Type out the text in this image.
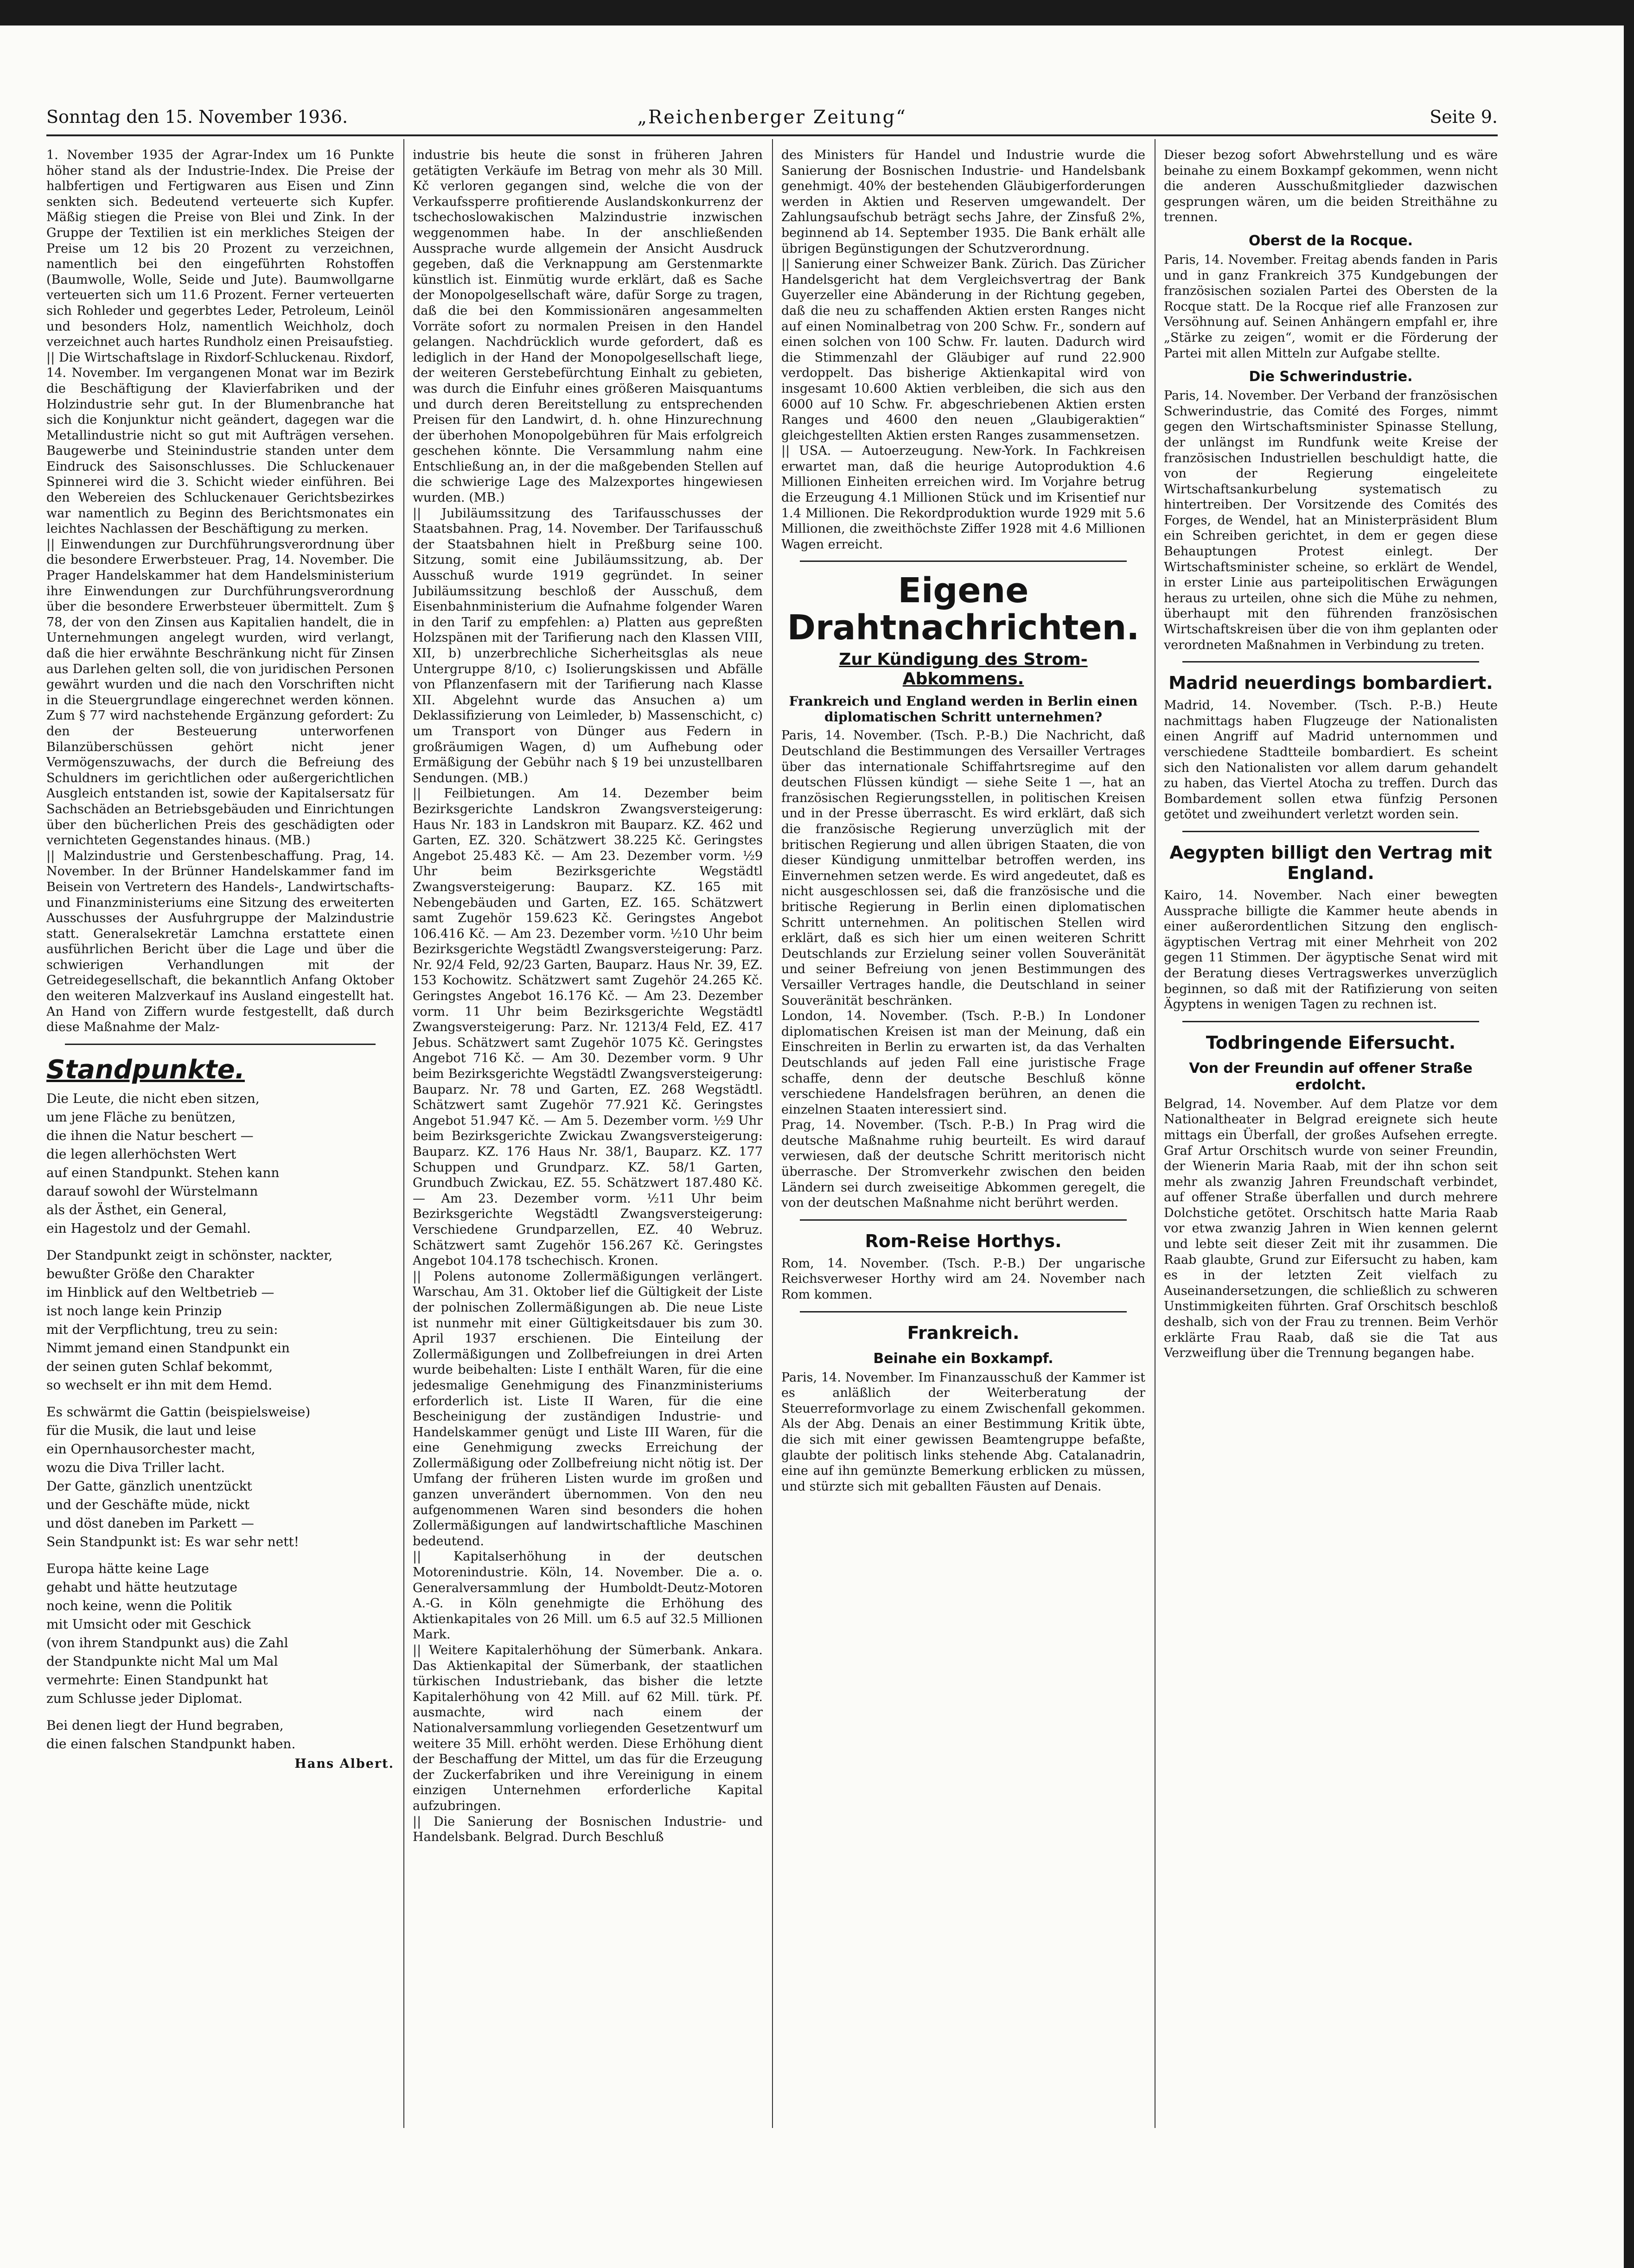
Sonntag den 15. November 1936.	„Reichenberger Zeitung“	Seite 9.

1. November 1935 der Agrar-Index um 16 Punkte höher stand als der Industrie-Index. Die Preise der halbfertigen und Fertigwaren aus Eisen und Zinn senkten sich. Bedeutend verteuerte sich Kupfer. Mäßig stiegen die Preise von Blei und Zink. In der Gruppe der Textilien ist ein merkliches Steigen der Preise um 12 bis 20 Prozent zu verzeichnen, namentlich bei den eingeführten Rohstoffen (Baumwolle, Wolle, Seide und Jute). Baumwollgarne verteuerten sich um 11.6 Prozent. Ferner verteuerten sich Rohleder und gegerbtes Leder, Petroleum, Leinöl und besonders Holz, namentlich Weichholz, doch verzeichnet auch hartes Rundholz einen Preisaufstieg.

|| Die Wirtschaftslage in Rixdorf-Schluckenau. Rixdorf, 14. November. Im vergangenen Monat war im Bezirk die Beschäftigung der Klavierfabriken und der Holzindustrie sehr gut. In der Blumenbranche hat sich die Konjunktur nicht geändert, dagegen war die Metallindustrie nicht so gut mit Aufträgen versehen. Baugewerbe und Steinindustrie standen unter dem Eindruck des Saisonschlusses. Die Schluckenauer Spinnerei wird die 3. Schicht wieder einführen. Bei den Webereien des Schluckenauer Gerichtsbezirkes war namentlich zu Beginn des Berichtsmonates ein leichtes Nachlassen der Beschäftigung zu merken.

|| Einwendungen zur Durchführungsverordnung über die besondere Erwerbsteuer. Prag, 14. November. Die Prager Handelskammer hat dem Handelsministerium ihre Einwendungen zur Durchführungsverordnung über die besondere Erwerbsteuer übermittelt. Zum § 78, der von den Zinsen aus Kapitalien handelt, die in Unternehmungen angelegt wurden, wird verlangt, daß die hier erwähnte Beschränkung nicht für Zinsen aus Darlehen gelten soll, die von juridischen Personen gewährt wurden und die nach den Vorschriften nicht in die Steuergrundlage eingerechnet werden können. Zum § 77 wird nachstehende Ergänzung gefordert: Zu den der Besteuerung unterworfenen Bilanzüberschüssen gehört nicht jener Vermögenszuwachs, der durch die Befreiung des Schuldners im gerichtlichen oder außergerichtlichen Ausgleich entstanden ist, sowie der Kapitalsersatz für Sachschäden an Betriebsgebäuden und Einrichtungen über den bücherlichen Preis des geschädigten oder vernichteten Gegenstandes hinaus. (MB.)

|| Malzindustrie und Gerstenbeschaffung. Prag, 14. November. In der Brünner Handelskammer fand im Beisein von Vertretern des Handels-, Landwirtschafts- und Finanzministeriums eine Sitzung des erweiterten Ausschusses der Ausfuhrgruppe der Malzindustrie statt. Generalsekretär Lamchna erstattete einen ausführlichen Bericht über die Lage und über die schwierigen Verhandlungen mit der Getreidegesellschaft, die bekanntlich Anfang Oktober den weiteren Malzverkauf ins Ausland eingestellt hat. An Hand von Ziffern wurde festgestellt, daß durch diese Maßnahme der Malz-

Standpunkte.
Die Leute, die nicht eben sitzen,
um jene Fläche zu benützen,
die ihnen die Natur beschert —
die legen allerhöchsten Wert
auf einen Standpunkt. Stehen kann
darauf sowohl der Würstelmann
als der Ästhet, ein General,
ein Hagestolz und der Gemahl.
Der Standpunkt zeigt in schönster, nackter,
bewußter Größe den Charakter
im Hinblick auf den Weltbetrieb —
ist noch lange kein Prinzip
mit der Verpflichtung, treu zu sein:
Nimmt jemand einen Standpunkt ein
der seinen guten Schlaf bekommt,
so wechselt er ihn mit dem Hemd.
Es schwärmt die Gattin (beispielsweise)
für die Musik, die laut und leise
ein Opernhausorchester macht,
wozu die Diva Triller lacht.
Der Gatte, gänzlich unentzückt
und der Geschäfte müde, nickt
und döst daneben im Parkett —
Sein Standpunkt ist: Es war sehr nett!
Europa hätte keine Lage
gehabt und hätte heutzutage
noch keine, wenn die Politik
mit Umsicht oder mit Geschick
(von ihrem Standpunkt aus) die Zahl
der Standpunkte nicht Mal um Mal
vermehrte: Einen Standpunkt hat
zum Schlusse jeder Diplomat.
Bei denen liegt der Hund begraben,
die einen falschen Standpunkt haben.
Hans Albert.

industrie bis heute die sonst in früheren Jahren getätigten Verkäufe im Betrag von mehr als 30 Mill. Kč verloren gegangen sind, welche die von der Verkaufssperre profitierende Auslandskonkurrenz der tschechoslowakischen Malzindustrie inzwischen weggenommen habe. In der anschließenden Aussprache wurde allgemein der Ansicht Ausdruck gegeben, daß die Verknappung am Gerstenmarkte künstlich ist. Einmütig wurde erklärt, daß es Sache der Monopolgesellschaft wäre, dafür Sorge zu tragen, daß die bei den Kommissionären angesammelten Vorräte sofort zu normalen Preisen in den Handel gelangen. Nachdrücklich wurde gefordert, daß es lediglich in der Hand der Monopolgesellschaft liege, der weiteren Gerstebefürchtung Einhalt zu gebieten, was durch die Einfuhr eines größeren Maisquantums und durch deren Bereitstellung zu entsprechenden Preisen für den Landwirt, d. h. ohne Hinzurechnung der überhohen Monopolgebühren für Mais erfolgreich geschehen könnte. Die Versammlung nahm eine Entschließung an, in der die maßgebenden Stellen auf die schwierige Lage des Malzexportes hingewiesen wurden. (MB.)

|| Jubiläumssitzung des Tarifausschusses der Staatsbahnen. Prag, 14. November. Der Tarifausschuß der Staatsbahnen hielt in Preßburg seine 100. Sitzung, somit eine Jubiläumssitzung, ab. Der Ausschuß wurde 1919 gegründet. In seiner Jubiläumssitzung beschloß der Ausschuß, dem Eisenbahnministerium die Aufnahme folgender Waren in den Tarif zu empfehlen: a) Platten aus gepreßten Holzspänen mit der Tarifierung nach den Klassen VIII, XII, b) unzerbrechliche Sicherheitsglas als neue Untergruppe 8/10, c) Isolierungskissen und Abfälle von Pflanzenfasern mit der Tarifierung nach Klasse XII. Abgelehnt wurde das Ansuchen a) um Deklassifizierung von Leimleder, b) Massenschicht, c) um Transport von Dünger aus Federn in großräumigen Wagen, d) um Aufhebung oder Ermäßigung der Gebühr nach § 19 bei unzustellbaren Sendungen. (MB.)

|| Feilbietungen. Am 14. Dezember beim Bezirksgerichte Landskron Zwangsversteigerung: Haus Nr. 183 in Landskron mit Bauparz. KZ. 462 und Garten, EZ. 320. Schätzwert 38.225 Kč. Geringstes Angebot 25.483 Kč. — Am 23. Dezember vorm. ½9 Uhr beim Bezirksgerichte Wegstädtl Zwangsversteigerung: Bauparz. KZ. 165 mit Nebengebäuden und Garten, EZ. 165. Schätzwert samt Zugehör 159.623 Kč. Geringstes Angebot 106.416 Kč. — Am 23. Dezember vorm. ½10 Uhr beim Bezirksgerichte Wegstädtl Zwangsversteigerung: Parz. Nr. 92/4 Feld, 92/23 Garten, Bauparz. Haus Nr. 39, EZ. 153 Kochowitz. Schätzwert samt Zugehör 24.265 Kč. Geringstes Angebot 16.176 Kč. — Am 23. Dezember vorm. 11 Uhr beim Bezirksgerichte Wegstädtl Zwangsversteigerung: Parz. Nr. 1213/4 Feld, EZ. 417 Jebus. Schätzwert samt Zugehör 1075 Kč. Geringstes Angebot 716 Kč. — Am 30. Dezember vorm. 9 Uhr beim Bezirksgerichte Wegstädtl Zwangsversteigerung: Bauparz. Nr. 78 und Garten, EZ. 268 Wegstädtl. Schätzwert samt Zugehör 77.921 Kč. Geringstes Angebot 51.947 Kč. — Am 5. Dezember vorm. ½9 Uhr beim Bezirksgerichte Zwickau Zwangsversteigerung: Bauparz. KZ. 176 Haus Nr. 38/1, Bauparz. KZ. 177 Schuppen und Grundparz. KZ. 58/1 Garten, Grundbuch Zwickau, EZ. 55. Schätzwert 187.480 Kč. — Am 23. Dezember vorm. ½11 Uhr beim Bezirksgerichte Wegstädtl Zwangsversteigerung: Verschiedene Grundparzellen, EZ. 40 Webruz. Schätzwert samt Zugehör 156.267 Kč. Geringstes Angebot 104.178 tschechisch. Kronen.

|| Polens autonome Zollermäßigungen verlängert. Warschau, Am 31. Oktober lief die Gültigkeit der Liste der polnischen Zollermäßigungen ab. Die neue Liste ist nunmehr mit einer Gültigkeitsdauer bis zum 30. April 1937 erschienen. Die Einteilung der Zollermäßigungen und Zollbefreiungen in drei Arten wurde beibehalten: Liste I enthält Waren, für die eine jedesmalige Genehmigung des Finanzministeriums erforderlich ist. Liste II Waren, für die eine Bescheinigung der zuständigen Industrie- und Handelskammer genügt und Liste III Waren, für die eine Genehmigung zwecks Erreichung der Zollermäßigung oder Zollbefreiung nicht nötig ist. Der Umfang der früheren Listen wurde im großen und ganzen unverändert übernommen. Von den neu aufgenommenen Waren sind besonders die hohen Zollermäßigungen auf landwirtschaftliche Maschinen bedeutend.

|| Kapitalserhöhung in der deutschen Motorenindustrie. Köln, 14. November. Die a. o. Generalversammlung der Humboldt-Deutz-Motoren A.-G. in Köln genehmigte die Erhöhung des Aktienkapitales von 26 Mill. um 6.5 auf 32.5 Millionen Mark.

|| Weitere Kapitalerhöhung der Sümerbank. Ankara. Das Aktienkapital der Sümerbank, der staatlichen türkischen Industriebank, das bisher die letzte Kapitalerhöhung von 42 Mill. auf 62 Mill. türk. Pf. ausmachte, wird nach einem der Nationalversammlung vorliegenden Gesetzentwurf um weitere 35 Mill. erhöht werden. Diese Erhöhung dient der Beschaffung der Mittel, um das für die Erzeugung der Zuckerfabriken und ihre Vereinigung in einem einzigen Unternehmen erforderliche Kapital aufzubringen.

|| Die Sanierung der Bosnischen Industrie- und Handelsbank. Belgrad. Durch Beschluß

des Ministers für Handel und Industrie wurde die Sanierung der Bosnischen Industrie- und Handelsbank genehmigt. 40% der bestehenden Gläubigerforderungen werden in Aktien und Reserven umgewandelt. Der Zahlungsaufschub beträgt sechs Jahre, der Zinsfuß 2%, beginnend ab 14. September 1935. Die Bank erhält alle übrigen Begünstigungen der Schutzverordnung.

|| Sanierung einer Schweizer Bank. Zürich. Das Züricher Handelsgericht hat dem Vergleichsvertrag der Bank Guyerzeller eine Abänderung in der Richtung gegeben, daß die neu zu schaffenden Aktien ersten Ranges nicht auf einen Nominalbetrag von 200 Schw. Fr., sondern auf einen solchen von 100 Schw. Fr. lauten. Dadurch wird die Stimmenzahl der Gläubiger auf rund 22.900 verdoppelt. Das bisherige Aktienkapital wird von insgesamt 10.600 Aktien verbleiben, die sich aus den 6000 auf 10 Schw. Fr. abgeschriebenen Aktien ersten Ranges und 4600 den neuen „Glaubigeraktien“ gleichgestellten Aktien ersten Ranges zusammensetzen.

|| USA. — Autoerzeugung. New-York. In Fachkreisen erwartet man, daß die heurige Autoproduktion 4.6 Millionen Einheiten erreichen wird. Im Vorjahre betrug die Erzeugung 4.1 Millionen Stück und im Krisentief nur 1.4 Millionen. Die Rekordproduktion wurde 1929 mit 5.6 Millionen, die zweithöchste Ziffer 1928 mit 4.6 Millionen Wagen erreicht.

Eigene Drahtnachrichten.
Zur Kündigung des Strom-Abkommens.
Frankreich und England werden in Berlin einen diplomatischen Schritt unternehmen?

Paris, 14. November. (Tsch. P.-B.) Die Nachricht, daß Deutschland die Bestimmungen des Versailler Vertrages über das internationale Schiffahrtsregime auf den deutschen Flüssen kündigt — siehe Seite 1 —, hat an französischen Regierungsstellen, in politischen Kreisen und in der Presse überrascht. Es wird erklärt, daß sich die französische Regierung unverzüglich mit der britischen Regierung und allen übrigen Staaten, die von dieser Kündigung unmittelbar betroffen werden, ins Einvernehmen setzen werde. Es wird angedeutet, daß es nicht ausgeschlossen sei, daß die französische und die britische Regierung in Berlin einen diplomatischen Schritt unternehmen. An politischen Stellen wird erklärt, daß es sich hier um einen weiteren Schritt Deutschlands zur Erzielung seiner vollen Souveränität und seiner Befreiung von jenen Bestimmungen des Versailler Vertrages handle, die Deutschland in seiner Souveränität beschränken.

London, 14. November. (Tsch. P.-B.) In Londoner diplomatischen Kreisen ist man der Meinung, daß ein Einschreiten in Berlin zu erwarten ist, da das Verhalten Deutschlands auf jeden Fall eine juristische Frage schaffe, denn der deutsche Beschluß könne verschiedene Handelsfragen berühren, an denen die einzelnen Staaten interessiert sind.

Prag, 14. November. (Tsch. P.-B.) In Prag wird die deutsche Maßnahme ruhig beurteilt. Es wird darauf verwiesen, daß der deutsche Schritt meritorisch nicht überrasche. Der Stromverkehr zwischen den beiden Ländern sei durch zweiseitige Abkommen geregelt, die von der deutschen Maßnahme nicht berührt werden.

Rom-Reise Horthys.

Rom, 14. November. (Tsch. P.-B.) Der ungarische Reichsverweser Horthy wird am 24. November nach Rom kommen.

Frankreich.
Beinahe ein Boxkampf.

Paris, 14. November. Im Finanzausschuß der Kammer ist es anläßlich der Weiterberatung der Steuerreformvorlage zu einem Zwischenfall gekommen. Als der Abg. Denais an einer Bestimmung Kritik übte, die sich mit einer gewissen Beamtengruppe befaßte, glaubte der politisch links stehende Abg. Catalanadrin, eine auf ihn gemünzte Bemerkung erblicken zu müssen, und stürzte sich mit geballten Fäusten auf Denais.

Dieser bezog sofort Abwehrstellung und es wäre beinahe zu einem Boxkampf gekommen, wenn nicht die anderen Ausschußmitglieder dazwischen gesprungen wären, um die beiden Streithähne zu trennen.

Oberst de la Rocque.

Paris, 14. November. Freitag abends fanden in Paris und in ganz Frankreich 375 Kundgebungen der französischen sozialen Partei des Obersten de la Rocque statt. De la Rocque rief alle Franzosen zur Versöhnung auf. Seinen Anhängern empfahl er, ihre „Stärke zu zeigen“, womit er die Förderung der Partei mit allen Mitteln zur Aufgabe stellte.

Die Schwerindustrie.

Paris, 14. November. Der Verband der französischen Schwerindustrie, das Comité des Forges, nimmt gegen den Wirtschaftsminister Spinasse Stellung, der unlängst im Rundfunk weite Kreise der französischen Industriellen beschuldigt hatte, die von der Regierung eingeleitete Wirtschaftsankurbelung systematisch zu hintertreiben. Der Vorsitzende des Comités des Forges, de Wendel, hat an Ministerpräsident Blum ein Schreiben gerichtet, in dem er gegen diese Behauptungen Protest einlegt. Der Wirtschaftsminister scheine, so erklärt de Wendel, in erster Linie aus parteipolitischen Erwägungen heraus zu urteilen, ohne sich die Mühe zu nehmen, überhaupt mit den führenden französischen Wirtschaftskreisen über die von ihm geplanten oder verordneten Maßnahmen in Verbindung zu treten.

Madrid neuerdings bombardiert.

Madrid, 14. November. (Tsch. P.-B.) Heute nachmittags haben Flugzeuge der Nationalisten einen Angriff auf Madrid unternommen und verschiedene Stadtteile bombardiert. Es scheint sich den Nationalisten vor allem darum gehandelt zu haben, das Viertel Atocha zu treffen. Durch das Bombardement sollen etwa fünfzig Personen getötet und zweihundert verletzt worden sein.

Aegypten billigt den Vertrag mit England.

Kairo, 14. November. Nach einer bewegten Aussprache billigte die Kammer heute abends in einer außerordentlichen Sitzung den englisch-ägyptischen Vertrag mit einer Mehrheit von 202 gegen 11 Stimmen. Der ägyptische Senat wird mit der Beratung dieses Vertragswerkes unverzüglich beginnen, so daß mit der Ratifizierung von seiten Ägyptens in wenigen Tagen zu rechnen ist.

Todbringende Eifersucht.
Von der Freundin auf offener Straße erdolcht.

Belgrad, 14. November. Auf dem Platze vor dem Nationaltheater in Belgrad ereignete sich heute mittags ein Überfall, der großes Aufsehen erregte. Graf Artur Orschitsch wurde von seiner Freundin, der Wienerin Maria Raab, mit der ihn schon seit mehr als zwanzig Jahren Freundschaft verbindet, auf offener Straße überfallen und durch mehrere Dolchstiche getötet. Orschitsch hatte Maria Raab vor etwa zwanzig Jahren in Wien kennen gelernt und lebte seit dieser Zeit mit ihr zusammen. Die Raab glaubte, Grund zur Eifersucht zu haben, kam es in der letzten Zeit vielfach zu Auseinandersetzungen, die schließlich zu schweren Unstimmigkeiten führten. Graf Orschitsch beschloß deshalb, sich von der Frau zu trennen. Beim Verhör erklärte Frau Raab, daß sie die Tat aus Verzweiflung über die Trennung begangen habe.
